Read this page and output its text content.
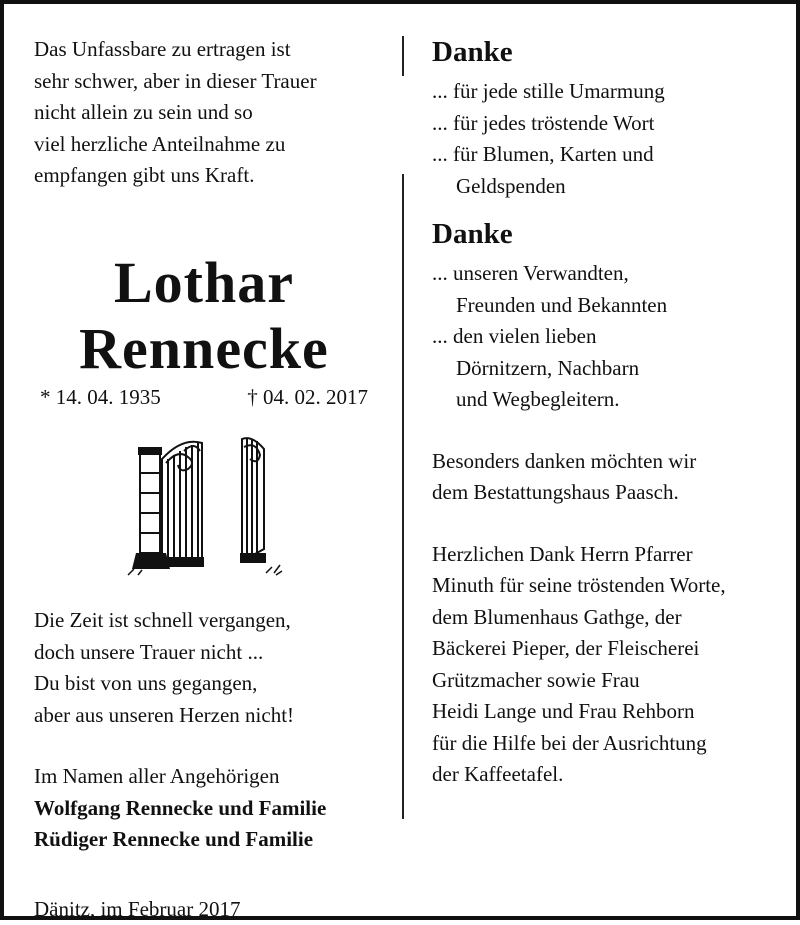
Das Unfassbare zu ertragen ist
sehr schwer, aber in dieser Trauer
nicht allein zu sein und so
viel herzliche Anteilnahme zu
empfangen gibt uns Kraft.
Lothar
Rennecke
* 14. 04. 1935	† 04. 02. 2017
Die Zeit ist schnell vergangen,
doch unsere Trauer nicht ...
Du bist von uns gegangen,
aber aus unseren Herzen nicht!
Im Namen aller Angehörigen
Wolfgang Rennecke und Familie
Rüdiger Rennecke und Familie
Dänitz, im Februar 2017
Danke
... für jede stille Umarmung
... für jedes tröstende Wort
... für Blumen, Karten und
Geldspenden
Danke
... unseren Verwandten,
Freunden und Bekannten
... den vielen lieben
Dörnitzern, Nachbarn
und Wegbegleitern.
Besonders danken möchten wir
dem Bestattungshaus Paasch.
Herzlichen Dank Herrn Pfarrer
Minuth für seine tröstenden Worte,
dem Blumenhaus Gathge, der
Bäckerei Pieper, der Fleischerei
Grützmacher sowie Frau
Heidi Lange und Frau Rehborn
für die Hilfe bei der Ausrichtung
der Kaffeetafel.
